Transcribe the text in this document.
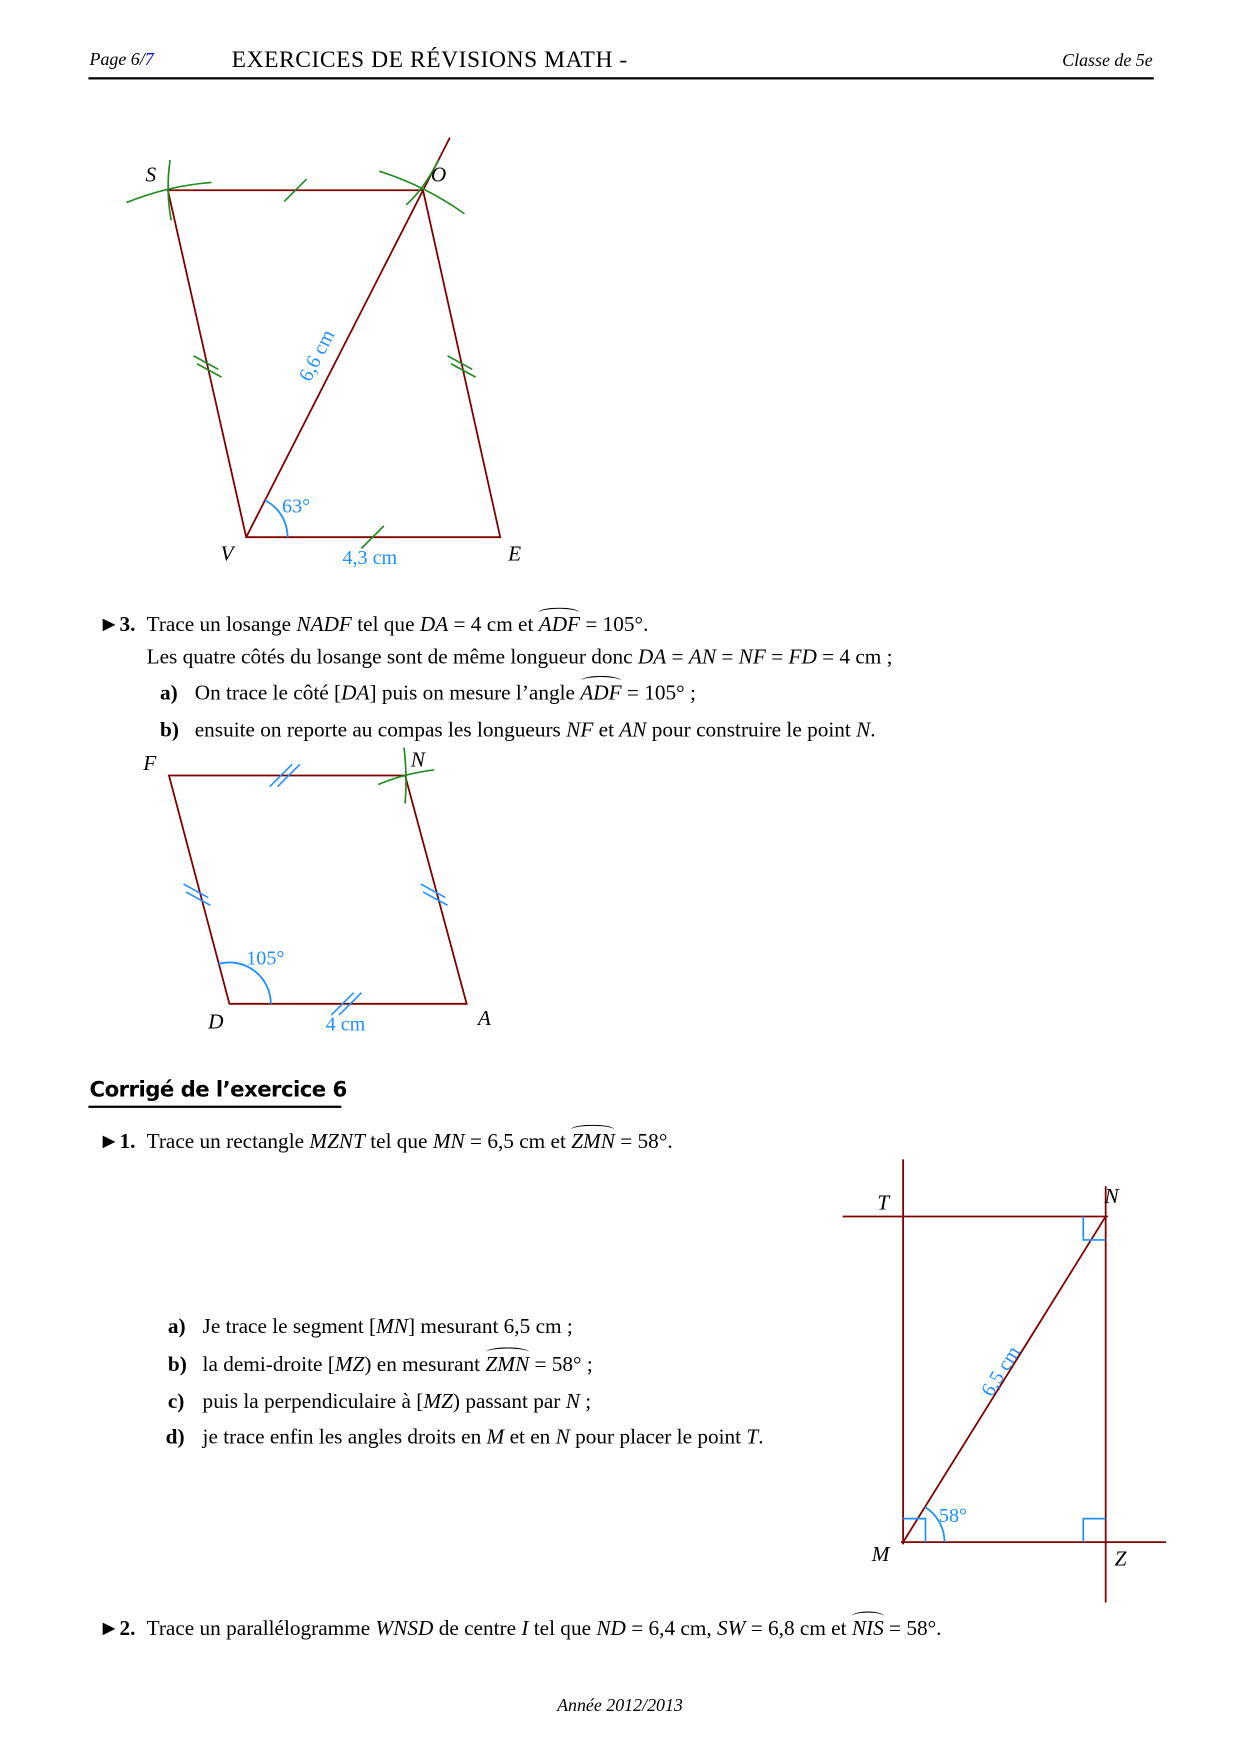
Page 6/7	EXERCICES DE RÉVISIONS MATH -	Classe de 5e
►3. Trace un losange NADF tel que DA = 4 cm et ADF = 105°.
Les quatre côtés du losange sont de même longueur donc DA = AN = NF = FD = 4 cm ;
a) On trace le côté [DA] puis on mesure l’angle ADF = 105° ;
b) ensuite on reporte au compas les longueurs NF et AN pour construire le point N.
Corrigé de l’exercice 6
►1. Trace un rectangle MZNT tel que MN = 6,5 cm et ZMN = 58°.
a) Je trace le segment [MN] mesurant 6,5 cm ;
b) la demi-droite [MZ) en mesurant ZMN = 58° ;
c) puis la perpendiculaire à [MZ) passant par N ;
d) je trace enfin les angles droits en M et en N pour placer le point T.
►2. Trace un parallélogramme WNSD de centre I tel que ND = 6,4 cm, SW = 6,8 cm et NIS = 58°.
Année 2012/2013
S	O
V	E
6,6 cm
63°
4,3 cm
F	N
D	A
105°
4 cm
T	N
M	Z
6,5 cm
58°
